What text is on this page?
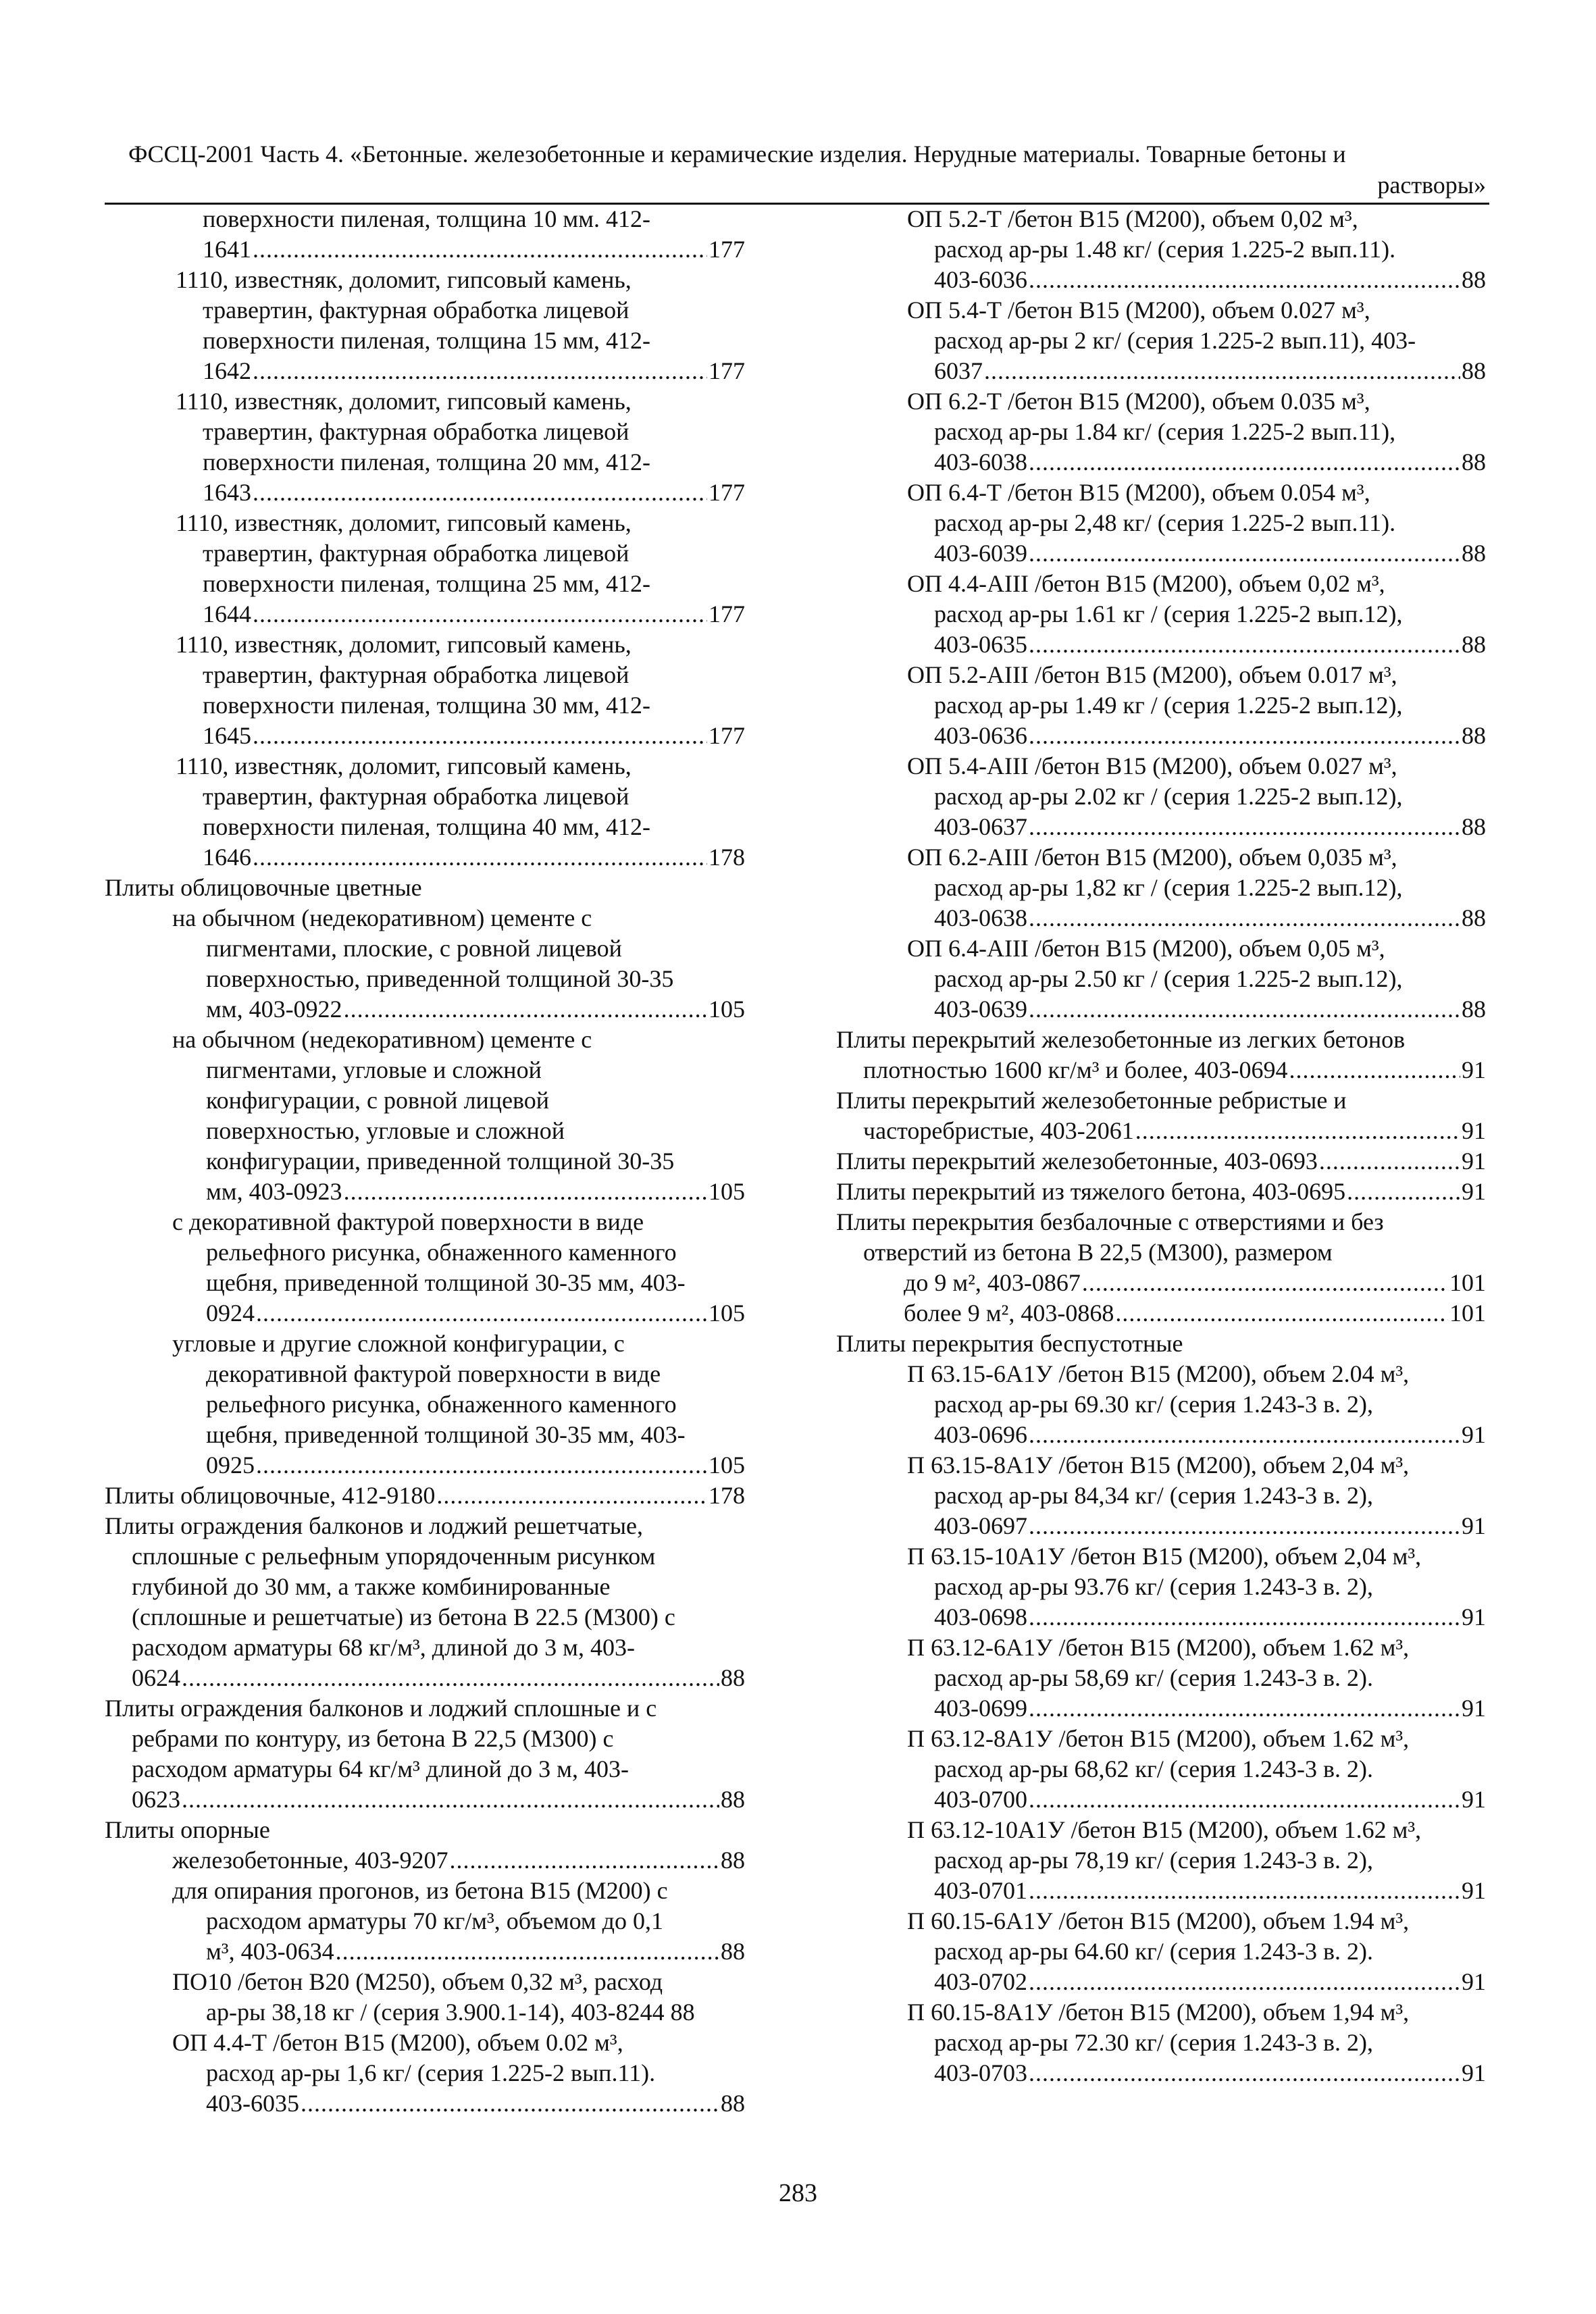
ФССЦ-2001 Часть 4. «Бетонные. железобетонные и керамические изделия. Нерудные материалы. Товарные бетоны и
растворы»
поверхности пиленая, толщина 10 мм. 412-
1641 .....	177
1110, известняк, доломит, гипсовый камень,
травертин, фактурная обработка лицевой
поверхности пиленая, толщина 15 мм, 412-
1642 .....	177
1110, известняк, доломит, гипсовый камень,
травертин, фактурная обработка лицевой
поверхности пиленая, толщина 20 мм, 412-
1643 .....	177
1110, известняк, доломит, гипсовый камень,
травертин, фактурная обработка лицевой
поверхности пиленая, толщина 25 мм, 412-
1644 .....	177
1110, известняк, доломит, гипсовый камень,
травертин, фактурная обработка лицевой
поверхности пиленая, толщина 30 мм, 412-
1645 .....	177
1110, известняк, доломит, гипсовый камень,
травертин, фактурная обработка лицевой
поверхности пиленая, толщина 40 мм, 412-
1646 .....	178
Плиты облицовочные цветные
на обычном (недекоративном) цементе с
пигментами, плоские, с ровной лицевой
поверхностью, приведенной толщиной 30-35
мм, 403-0922 .....	105
на обычном (недекоративном) цементе с
пигментами, угловые и сложной
конфигурации, с ровной лицевой
поверхностью, угловые и сложной
конфигурации, приведенной толщиной 30-35
мм, 403-0923 .....	105
с декоративной фактурой поверхности в виде
рельефного рисунка, обнаженного каменного
щебня, приведенной толщиной 30-35 мм, 403-
0924 .....	105
угловые и другие сложной конфигурации, с
декоративной фактурой поверхности в виде
рельефного рисунка, обнаженного каменного
щебня, приведенной толщиной 30-35 мм, 403-
0925 .....	105
Плиты облицовочные, 412-9180 .....	178
Плиты ограждения балконов и лоджий решетчатые,
сплошные с рельефным упорядоченным рисунком
глубиной до 30 мм, а также комбинированные
(сплошные и решетчатые) из бетона В 22.5 (М300) с
расходом арматуры 68 кг/м³, длиной до 3 м, 403-
0624 .....	88
Плиты ограждения балконов и лоджий сплошные и с
ребрами по контуру, из бетона В 22,5 (М300) с
расходом арматуры 64 кг/м³ длиной до 3 м, 403-
0623 .....	88
Плиты опорные
железобетонные, 403-9207 .....	88
для опирания прогонов, из бетона В15 (М200) с
расходом арматуры 70 кг/м³, объемом до 0,1
м³, 403-0634 .....	88
ПО10 /бетон В20 (М250), объем 0,32 м³, расход
ар-ры 38,18 кг / (серия 3.900.1-14), 403-8244 88
ОП 4.4-Т /бетон В15 (М200), объем 0.02 м³,
расход ар-ры 1,6 кг/ (серия 1.225-2 вып.11).
403-6035 .....	88
ОП 5.2-Т /бетон В15 (М200), объем 0,02 м³,
расход ар-ры 1.48 кг/ (серия 1.225-2 вып.11).
403-6036 .....	88
ОП 5.4-Т /бетон В15 (М200), объем 0.027 м³,
расход ар-ры 2 кг/ (серия 1.225-2 вып.11), 403-
6037 .....	88
ОП 6.2-Т /бетон В15 (М200), объем 0.035 м³,
расход ар-ры 1.84 кг/ (серия 1.225-2 вып.11),
403-6038 .....	88
ОП 6.4-Т /бетон В15 (М200), объем 0.054 м³,
расход ар-ры 2,48 кг/ (серия 1.225-2 вып.11).
403-6039 .....	88
ОП 4.4-АIII /бетон В15 (М200), объем 0,02 м³,
расход ар-ры 1.61 кг / (серия 1.225-2 вып.12),
403-0635 .....	88
ОП 5.2-АIII /бетон В15 (М200), объем 0.017 м³,
расход ар-ры 1.49 кг / (серия 1.225-2 вып.12),
403-0636 .....	88
ОП 5.4-АIII /бетон В15 (М200), объем 0.027 м³,
расход ар-ры 2.02 кг / (серия 1.225-2 вып.12),
403-0637 .....	88
ОП 6.2-АIII /бетон В15 (М200), объем 0,035 м³,
расход ар-ры 1,82 кг / (серия 1.225-2 вып.12),
403-0638 .....	88
ОП 6.4-АIII /бетон В15 (М200), объем 0,05 м³,
расход ар-ры 2.50 кг / (серия 1.225-2 вып.12),
403-0639 .....	88
Плиты перекрытий железобетонные из легких бетонов
плотностью 1600 кг/м³ и более, 403-0694 .....	91
Плиты перекрытий железобетонные ребристые и
часторебристые, 403-2061 .....	91
Плиты перекрытий железобетонные, 403-0693 .....	91
Плиты перекрытий из тяжелого бетона, 403-0695 .....	91
Плиты перекрытия безбалочные с отверстиями и без
отверстий из бетона В 22,5 (М300), размером
до 9 м², 403-0867 .....	101
более 9 м², 403-0868 .....	101
Плиты перекрытия беспустотные
П 63.15-6А1У /бетон В15 (М200), объем 2.04 м³,
расход ар-ры 69.30 кг/ (серия 1.243-3 в. 2),
403-0696 .....	91
П 63.15-8А1У /бетон В15 (М200), объем 2,04 м³,
расход ар-ры 84,34 кг/ (серия 1.243-3 в. 2),
403-0697 .....	91
П 63.15-10А1У /бетон В15 (М200), объем 2,04 м³,
расход ар-ры 93.76 кг/ (серия 1.243-3 в. 2),
403-0698 .....	91
П 63.12-6А1У /бетон В15 (М200), объем 1.62 м³,
расход ар-ры 58,69 кг/ (серия 1.243-3 в. 2).
403-0699 .....	91
П 63.12-8А1У /бетон В15 (М200), объем 1.62 м³,
расход ар-ры 68,62 кг/ (серия 1.243-3 в. 2).
403-0700 .....	91
П 63.12-10А1У /бетон В15 (М200), объем 1.62 м³,
расход ар-ры 78,19 кг/ (серия 1.243-3 в. 2),
403-0701 .....	91
П 60.15-6А1У /бетон В15 (М200), объем 1.94 м³,
расход ар-ры 64.60 кг/ (серия 1.243-3 в. 2).
403-0702 .....	91
П 60.15-8А1У /бетон В15 (М200), объем 1,94 м³,
расход ар-ры 72.30 кг/ (серия 1.243-3 в. 2),
403-0703 .....	91
283
